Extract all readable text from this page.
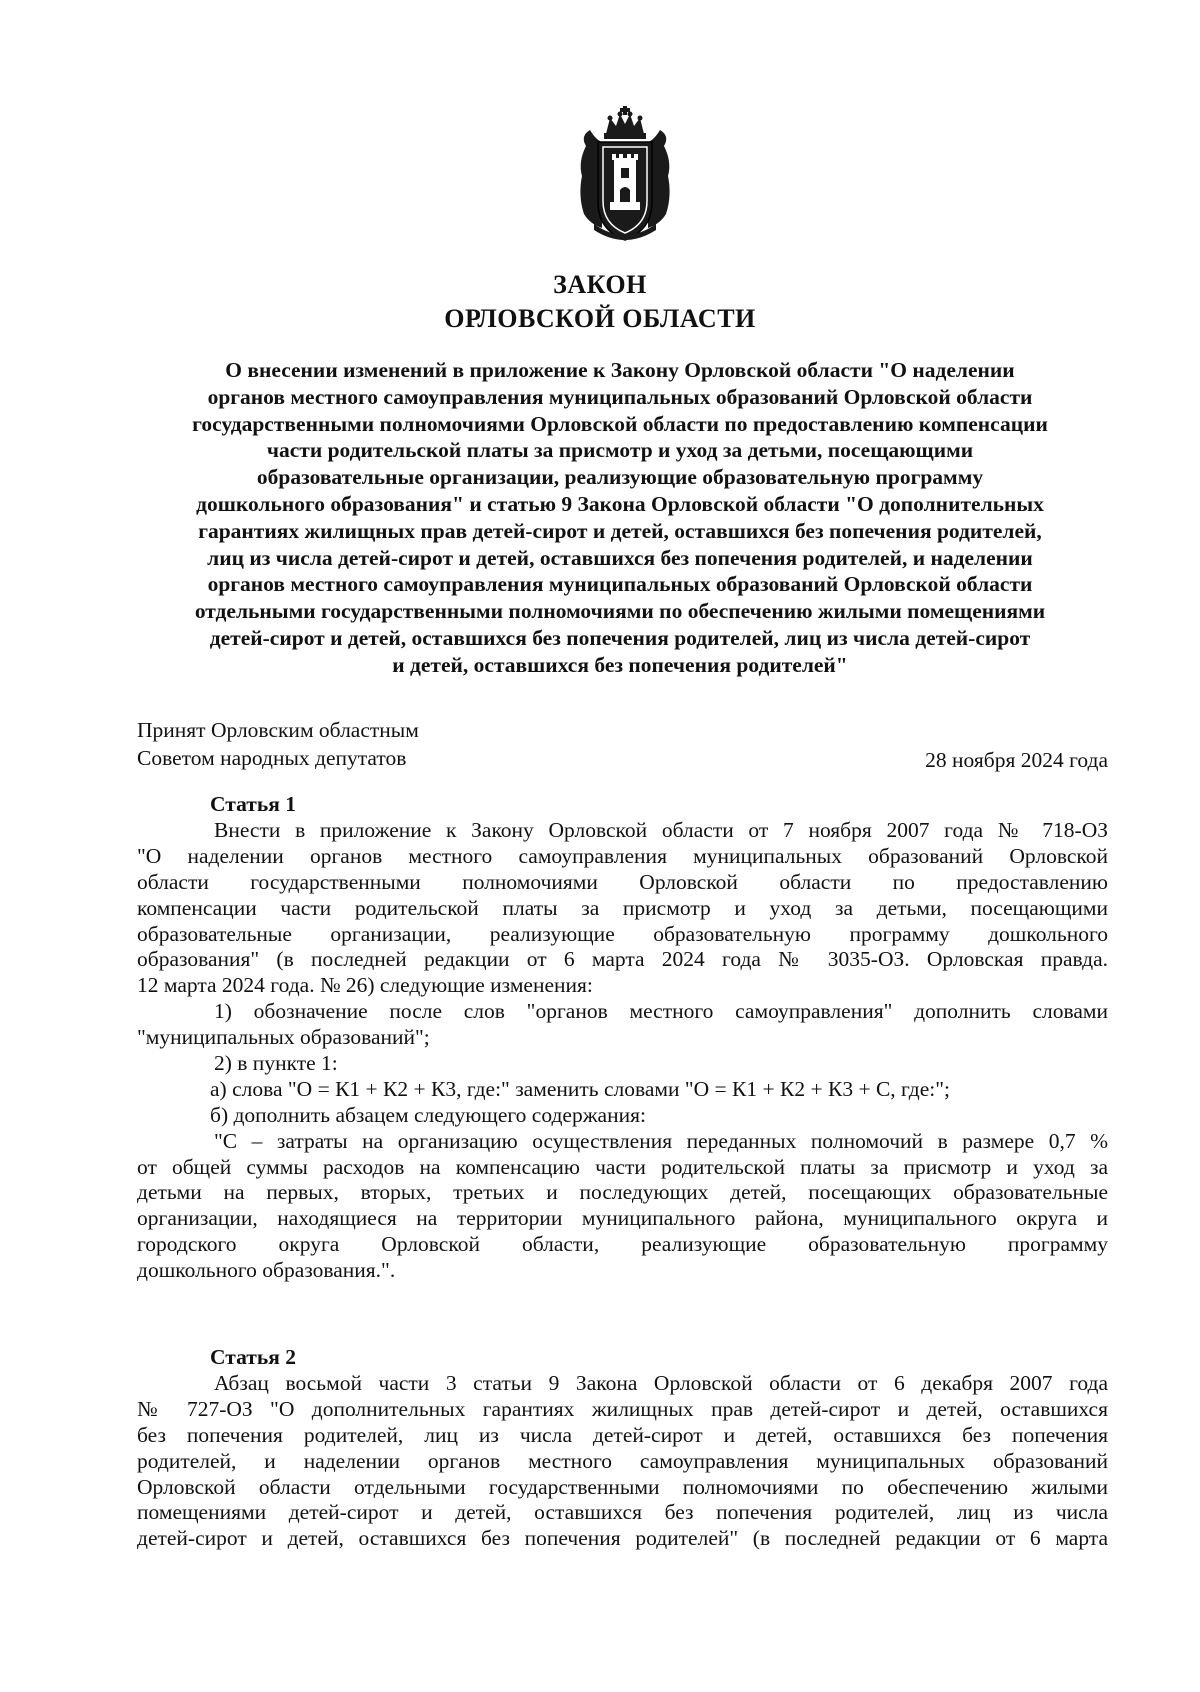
ЗАКОН
ОРЛОВСКОЙ ОБЛАСТИ
О внесении изменений в приложение к Закону Орловской области "О наделении
органов местного самоуправления муниципальных образований Орловской области
государственными полномочиями Орловской области по предоставлению компенсации
части родительской платы за присмотр и уход за детьми, посещающими
образовательные организации, реализующие образовательную программу
дошкольного образования" и статью 9 Закона Орловской области "О дополнительных
гарантиях жилищных прав детей-сирот и детей, оставшихся без попечения родителей,
лиц из числа детей-сирот и детей, оставшихся без попечения родителей, и наделении
органов местного самоуправления муниципальных образований Орловской области
отдельными государственными полномочиями по обеспечению жилыми помещениями
детей-сирот и детей, оставшихся без попечения родителей, лиц из числа детей-сирот
и детей, оставшихся без попечения родителей"
Принят Орловским областным
Советом народных депутатов	28 ноября 2024 года
Статья 1
Внести в приложение к Закону Орловской области от 7 ноября 2007 года № 718-ОЗ
"О наделении органов местного самоуправления муниципальных образований Орловской
области государственными полномочиями Орловской области по предоставлению
компенсации части родительской платы за присмотр и уход за детьми, посещающими
образовательные организации, реализующие образовательную программу дошкольного
образования" (в последней редакции от 6 марта 2024 года № 3035-ОЗ. Орловская правда.
12 марта 2024 года. № 26) следующие изменения:
1) обозначение после слов "органов местного самоуправления" дополнить словами
"муниципальных образований";
2) в пункте 1:
а) слова "О = К1 + К2 + К3, где:" заменить словами "О = К1 + К2 + К3 + С, где:";
б) дополнить абзацем следующего содержания:
"С – затраты на организацию осуществления переданных полномочий в размере 0,7 %
от общей суммы расходов на компенсацию части родительской платы за присмотр и уход за
детьми на первых, вторых, третьих и последующих детей, посещающих образовательные
организации, находящиеся на территории муниципального района, муниципального округа и
городского округа Орловской области, реализующие образовательную программу
дошкольного образования.".
Статья 2
Абзац восьмой части 3 статьи 9 Закона Орловской области от 6 декабря 2007 года
№ 727-ОЗ "О дополнительных гарантиях жилищных прав детей-сирот и детей, оставшихся
без попечения родителей, лиц из числа детей-сирот и детей, оставшихся без попечения
родителей, и наделении органов местного самоуправления муниципальных образований
Орловской области отдельными государственными полномочиями по обеспечению жилыми
помещениями детей-сирот и детей, оставшихся без попечения родителей, лиц из числа
детей-сирот и детей, оставшихся без попечения родителей" (в последней редакции от 6 марта
